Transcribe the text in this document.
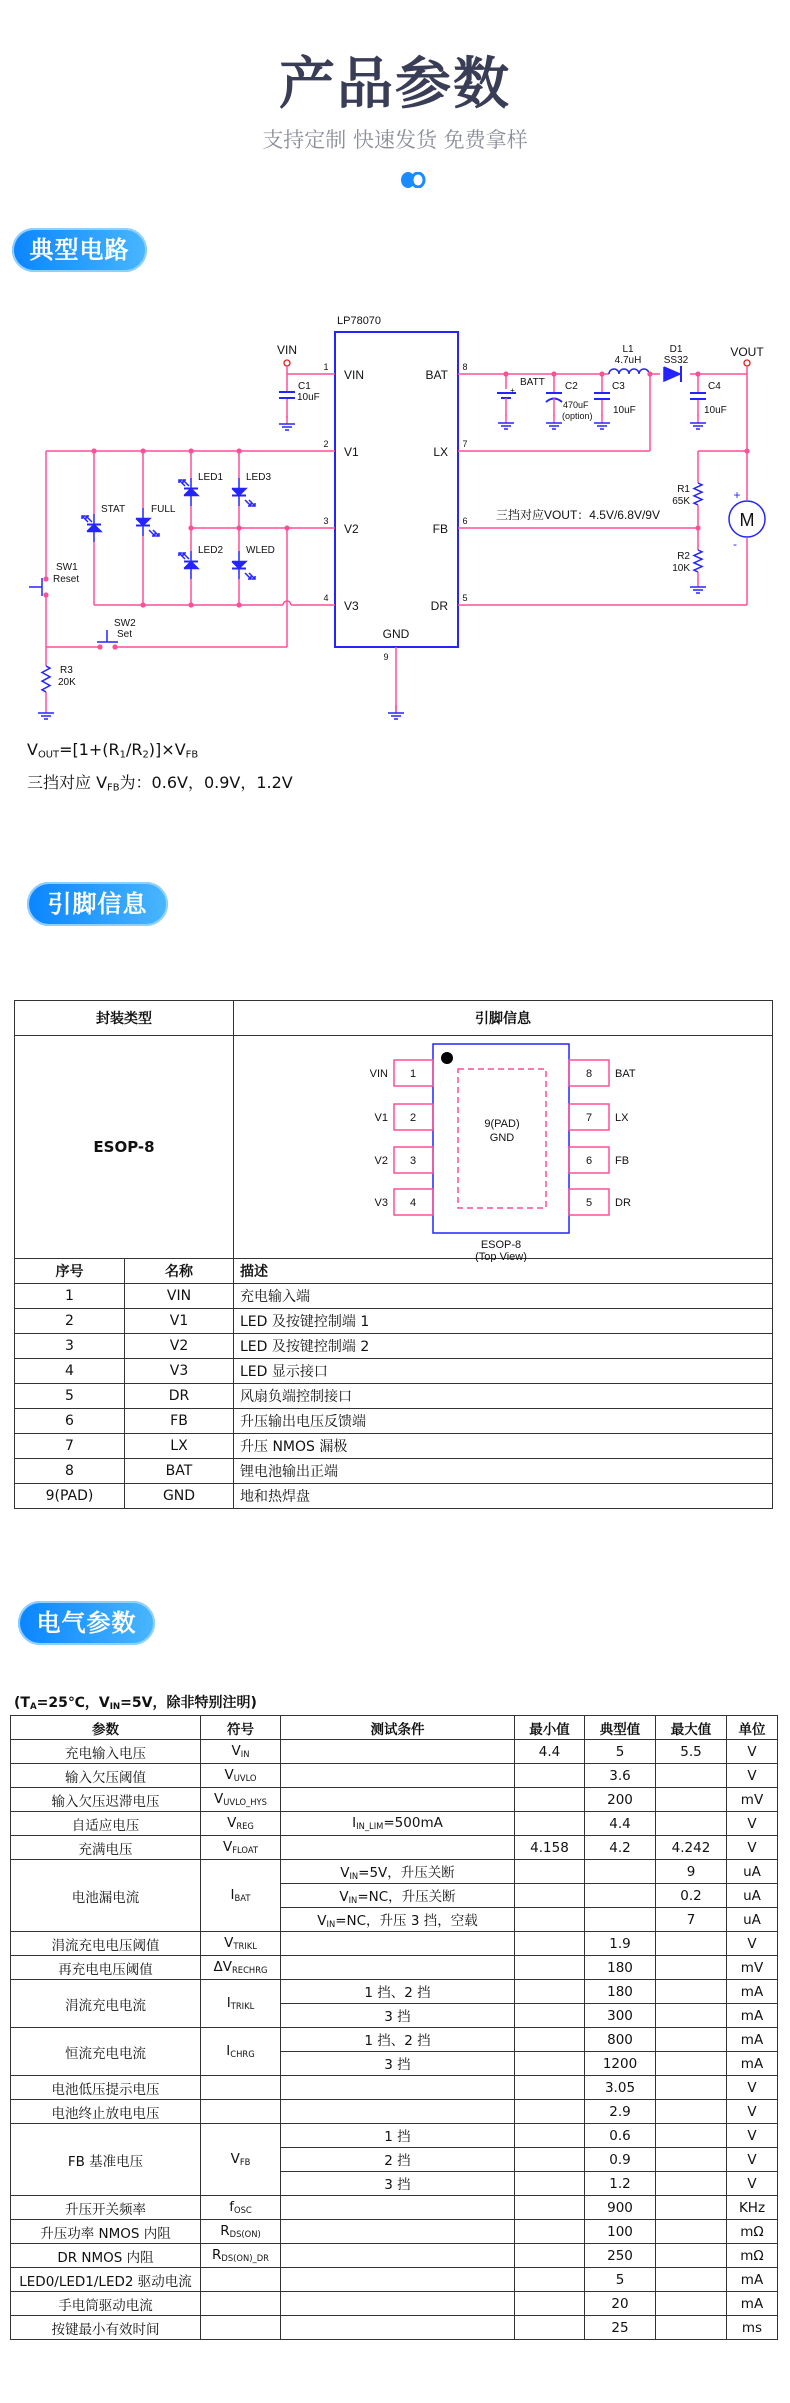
产品参数
支持定制 快速发货 免费拿样
典型电路
LP78070
1
VIN
2
V1
3
V2
4
V3
8
BAT
7
LX
6
FB
5
DR
GND
9
VIN
C1
10uF
R3
20K
SW1
Reset
SW2
Set
STAT	FULL
LED1 LED3
LED2 WLED
L1
4.7uH
D1
SS32
VOUT
BATT
+	C2
470uF
(option)
C3
10uF
C4
10uF
M
+
-
R1
65K
R2
10K
三挡对应VOUT：4.5V/6.8V/9V
$V_{OUT}=[1+(R_1/R_2)]\times V_{FB}$
三挡对应 $V_{FB}$为：0.6V，0.9V，1.2V
引脚信息
封装类型		引脚信息
ESOP-8		
序号	名称	描述
1	VIN	充电输入端
2	V1	LED 及按键控制端 1
3	V2	LED 及按键控制端 2
4	V3	LED 显示接口
5	DR	风扇负端控制接口
6	FB	升压输出电压反馈端
7	LX	升压 NMOS 漏极
8	BAT	锂电池输出正端
9(PAD)	GND	地和热焊盘
1
VIN
2
V1
3
V2
4
V3
8 BAT
7 LX
6 FB
5 DR
9(PAD)
GND
ESOP-8
(Top View)
电气参数
($T_A=25℃$，$V_{IN}=5V$，除非特别注明)
参数	符号	测试条件	最小值	典型值	最大值	单位
充电输入电压	$V_{IN}$		4.4	5	5.5	V
输入欠压阈值	$V_{UVLO}$			3.6		V
输入欠压迟滞电压	$V_{UVLO\_HYS}$			200		mV
自适应电压	$V_{REG}$	$I_{IN\_LIM}=500mA$		4.4		V
充满电压	$V_{FLOAT}$		4.158	4.2	4.242	V
电池漏电流	$I_{BAT}$	$V_{IN}=5V$，升压关断			9	uA
		$V_{IN}=NC$，升压关断			0.2	uA
		$V_{IN}=NC$，升压 3 挡，空载			7	uA
涓流充电电压阈值	$V_{TRIKL}$			1.9		V
再充电电压阈值	$\Delta V_{RECHRG}$			180		mV
涓流充电电流	$I_{TRIKL}$	1 挡、2 挡		180		mA
		3 挡		300		mA
恒流充电电流	$I_{CHRG}$	1 挡、2 挡		800		mA
		3 挡		1200		mA
电池低压提示电压				3.05		V
电池终止放电电压				2.9		V
FB 基准电压	$V_{FB}$	1 挡		0.6		V
		2 挡		0.9		V
		3 挡		1.2		V
升压开关频率	$f_{OSC}$			900		KHz
升压功率 NMOS 内阻	$R_{DS(ON)}$			100		mΩ
DR NMOS 内阻	$R_{DS(ON)\_DR}$			250		mΩ
LED0/LED1/LED2 驱动电流				5		mA
手电筒驱动电流				20		mA
按键最小有效时间				25		ms
